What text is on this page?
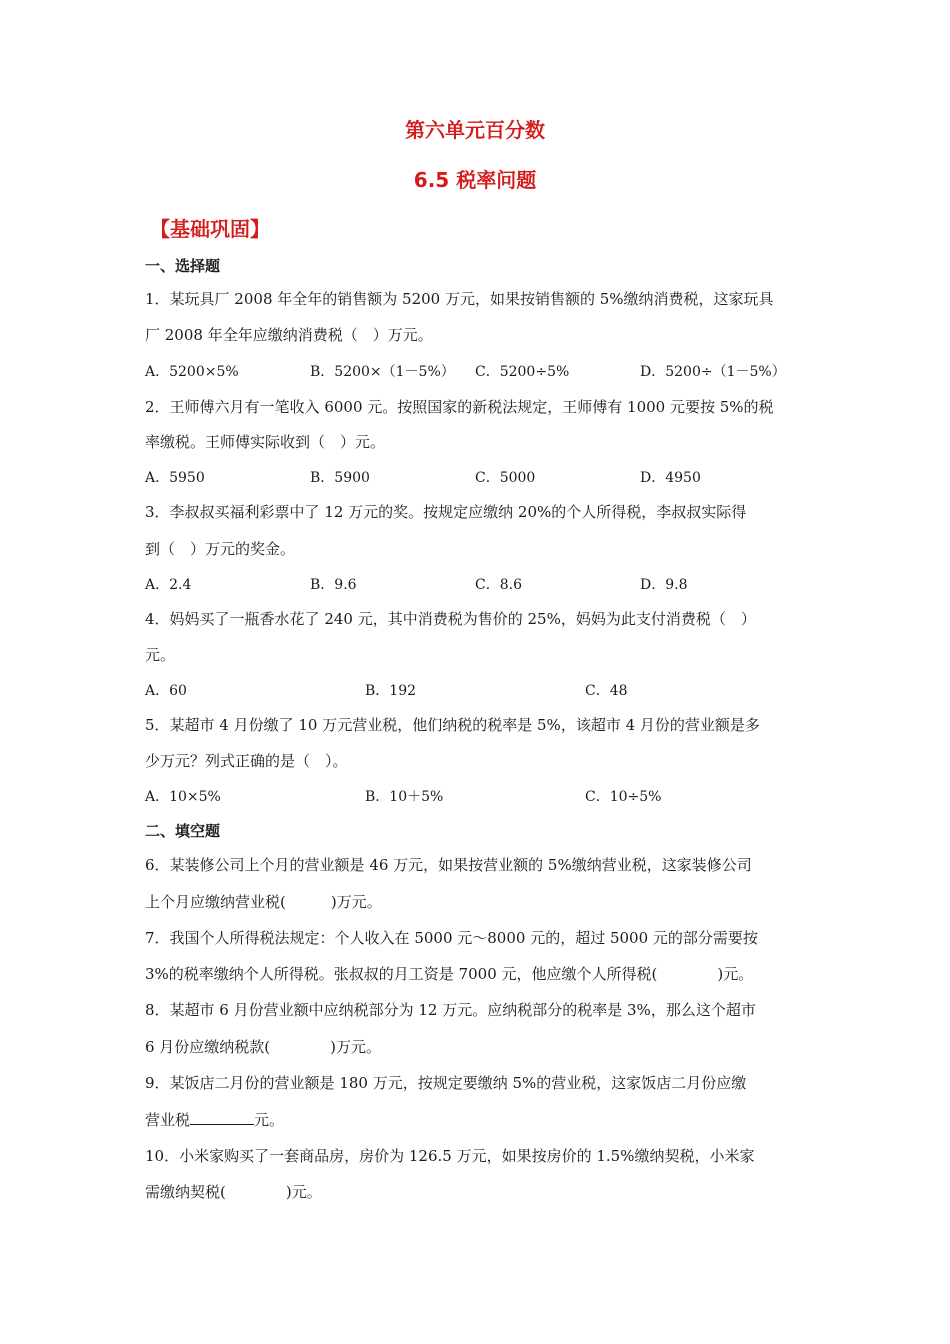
第六单元百分数
6.5 税率问题
【基础巩固】
一、选择题
1．某玩具厂 2008 年全年的销售额为 5200 万元，如果按销售额的 5%缴纳消费税，这家玩具
厂 2008 年全年应缴纳消费税（　）万元。
A．5200×5%	B．5200×（1－5%） C．5200÷5%	D．5200÷（1－5%）
2．王师傅六月有一笔收入 6000 元。按照国家的新税法规定，王师傅有 1000 元要按 5%的税
率缴税。王师傅实际收到（　）元。
A．5950	B．5900	C．5000	D．4950
3．李叔叔买福利彩票中了 12 万元的奖。按规定应缴纳 20%的个人所得税，李叔叔实际得
到（　）万元的奖金。
A．2.4	B．9.6	C．8.6	D．9.8
4．妈妈买了一瓶香水花了 240 元，其中消费税为售价的 25%，妈妈为此支付消费税（　）
元。
A．60	B．192	C．48
5．某超市 4 月份缴了 10 万元营业税，他们纳税的税率是 5%，该超市 4 月份的营业额是多
少万元？列式正确的是（　）。
A．10×5%	B．10＋5%	C．10÷5%
二、填空题
6．某装修公司上个月的营业额是 46 万元，如果按营业额的 5%缴纳营业税，这家装修公司
上个月应缴纳营业税(　　　)万元。
7．我国个人所得税法规定：个人收入在 5000 元～8000 元的，超过 5000 元的部分需要按
3%的税率缴纳个人所得税。张叔叔的月工资是 7000 元，他应缴个人所得税(　　　　)元。
8．某超市 6 月份营业额中应纳税部分为 12 万元。应纳税部分的税率是 3%，那么这个超市
6 月份应缴纳税款(　　　　)万元。
9．某饭店二月份的营业额是 180 万元，按规定要缴纳 5%的营业税，这家饭店二月份应缴
营业税	元。
10．小米家购买了一套商品房，房价为 126.5 万元，如果按房价的 1.5%缴纳契税，小米家
需缴纳契税(　　　　)元。
